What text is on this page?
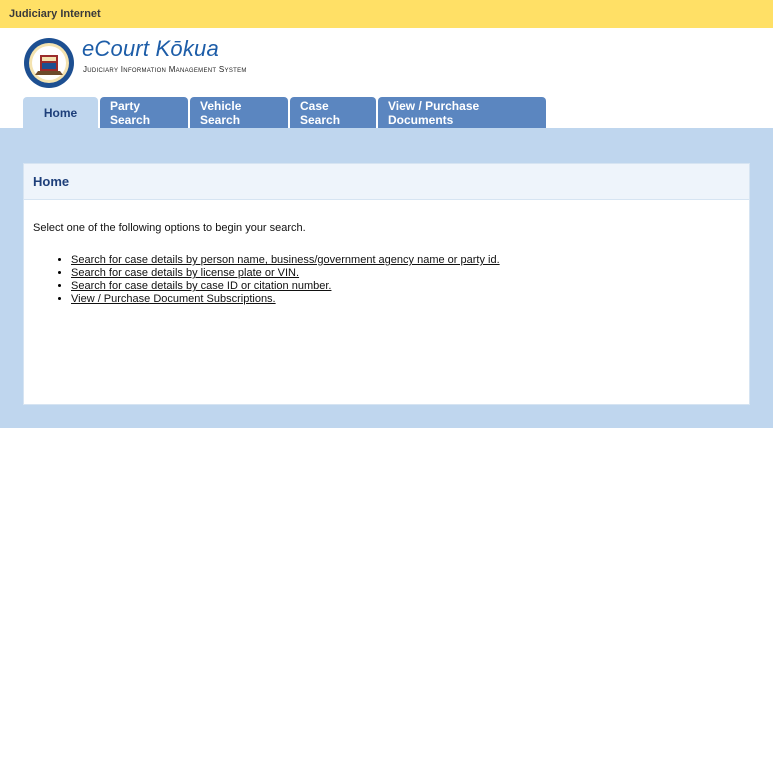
Judiciary Internet
eCourt Kōkua
Judiciary Information Management System
Home	Party Search
Vehicle Search
Case Search
View / Purchase Documents
Home
Select one of the following options to begin your search.
• Search for case details by person name, business/government agency name or party id.
• Search for case details by license plate or VIN.
• Search for case details by case ID or citation number.
• View / Purchase Document Subscriptions.
